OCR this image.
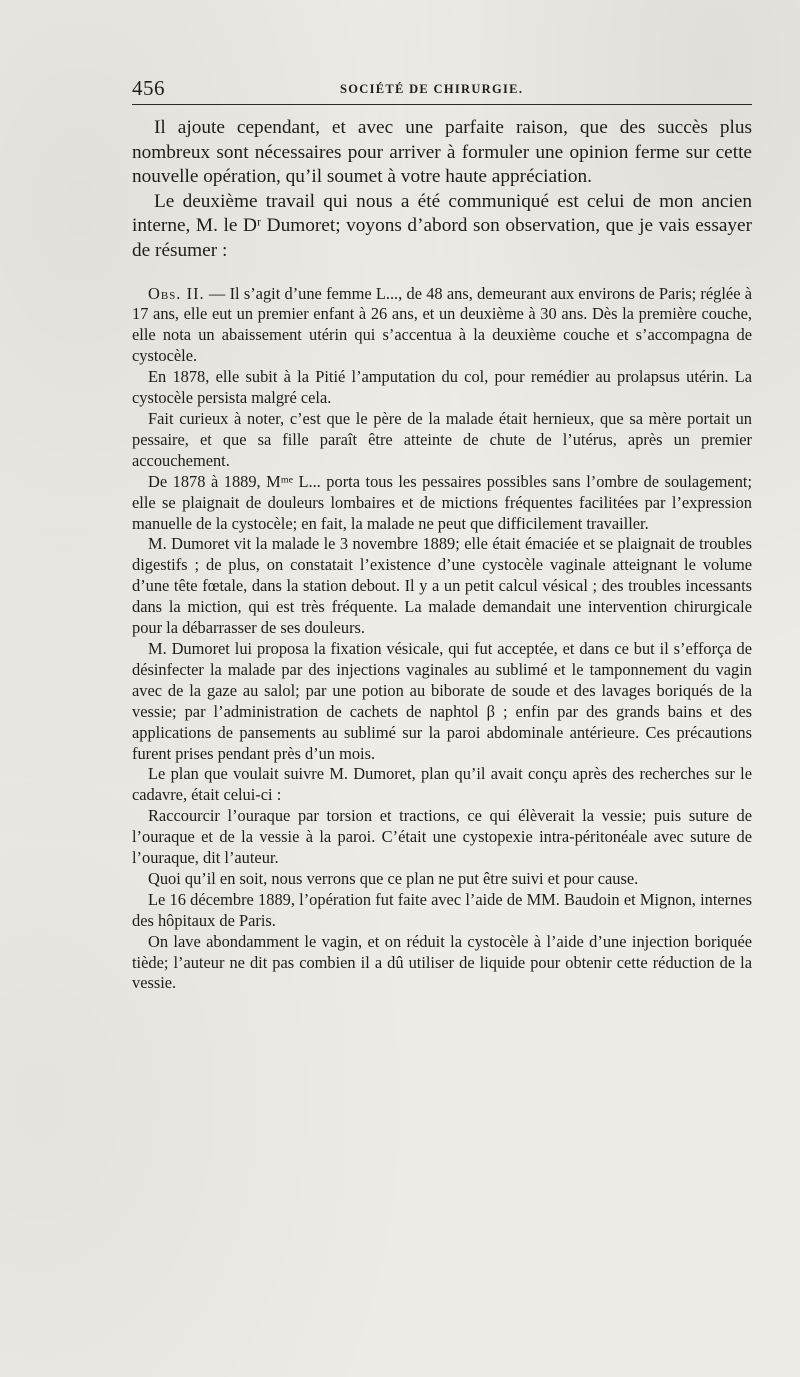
456	SOCIÉTÉ DE CHIRURGIE.

Il ajoute cependant, et avec une parfaite raison, que des succès plus nombreux sont nécessaires pour arriver à formuler une opinion ferme sur cette nouvelle opération, qu’il soumet à votre haute appréciation.

Le deuxième travail qui nous a été communiqué est celui de mon ancien interne, M. le Dʳ Dumoret; voyons d’abord son observation, que je vais essayer de résumer :

Obs. II. — Il s’agit d’une femme L..., de 48 ans, demeurant aux environs de Paris; réglée à 17 ans, elle eut un premier enfant à 26 ans, et un deuxième à 30 ans. Dès la première couche, elle nota un abaissement utérin qui s’accentua à la deuxième couche et s’accompagna de cystocèle.

En 1878, elle subit à la Pitié l’amputation du col, pour remédier au prolapsus utérin. La cystocèle persista malgré cela.

Fait curieux à noter, c’est que le père de la malade était hernieux, que sa mère portait un pessaire, et que sa fille paraît être atteinte de chute de l’utérus, après un premier accouchement.

De 1878 à 1889, Mᵐᵉ L... porta tous les pessaires possibles sans l’ombre de soulagement; elle se plaignait de douleurs lombaires et de mictions fréquentes facilitées par l’expression manuelle de la cystocèle; en fait, la malade ne peut que difficilement travailler.

M. Dumoret vit la malade le 3 novembre 1889; elle était émaciée et se plaignait de troubles digestifs ; de plus, on constatait l’existence d’une cystocèle vaginale atteignant le volume d’une tête fœtale, dans la station debout. Il y a un petit calcul vésical ; des troubles incessants dans la miction, qui est très fréquente. La malade demandait une intervention chirurgicale pour la débarrasser de ses douleurs.

M. Dumoret lui proposa la fixation vésicale, qui fut acceptée, et dans ce but il s’efforça de désinfecter la malade par des injections vaginales au sublimé et le tamponnement du vagin avec de la gaze au salol; par une potion au biborate de soude et des lavages boriqués de la vessie; par l’administration de cachets de naphtol β ; enfin par des grands bains et des applications de pansements au sublimé sur la paroi abdominale antérieure. Ces précautions furent prises pendant près d’un mois.

Le plan que voulait suivre M. Dumoret, plan qu’il avait conçu après des recherches sur le cadavre, était celui-ci :

Raccourcir l’ouraque par torsion et tractions, ce qui élèverait la vessie; puis suture de l’ouraque et de la vessie à la paroi. C’était une cystopexie intra-péritonéale avec suture de l’ouraque, dit l’auteur.

Quoi qu’il en soit, nous verrons que ce plan ne put être suivi et pour cause.

Le 16 décembre 1889, l’opération fut faite avec l’aide de MM. Baudoin et Mignon, internes des hôpitaux de Paris.

On lave abondamment le vagin, et on réduit la cystocèle à l’aide d’une injection boriquée tiède; l’auteur ne dit pas combien il a dû utiliser de liquide pour obtenir cette réduction de la vessie.
